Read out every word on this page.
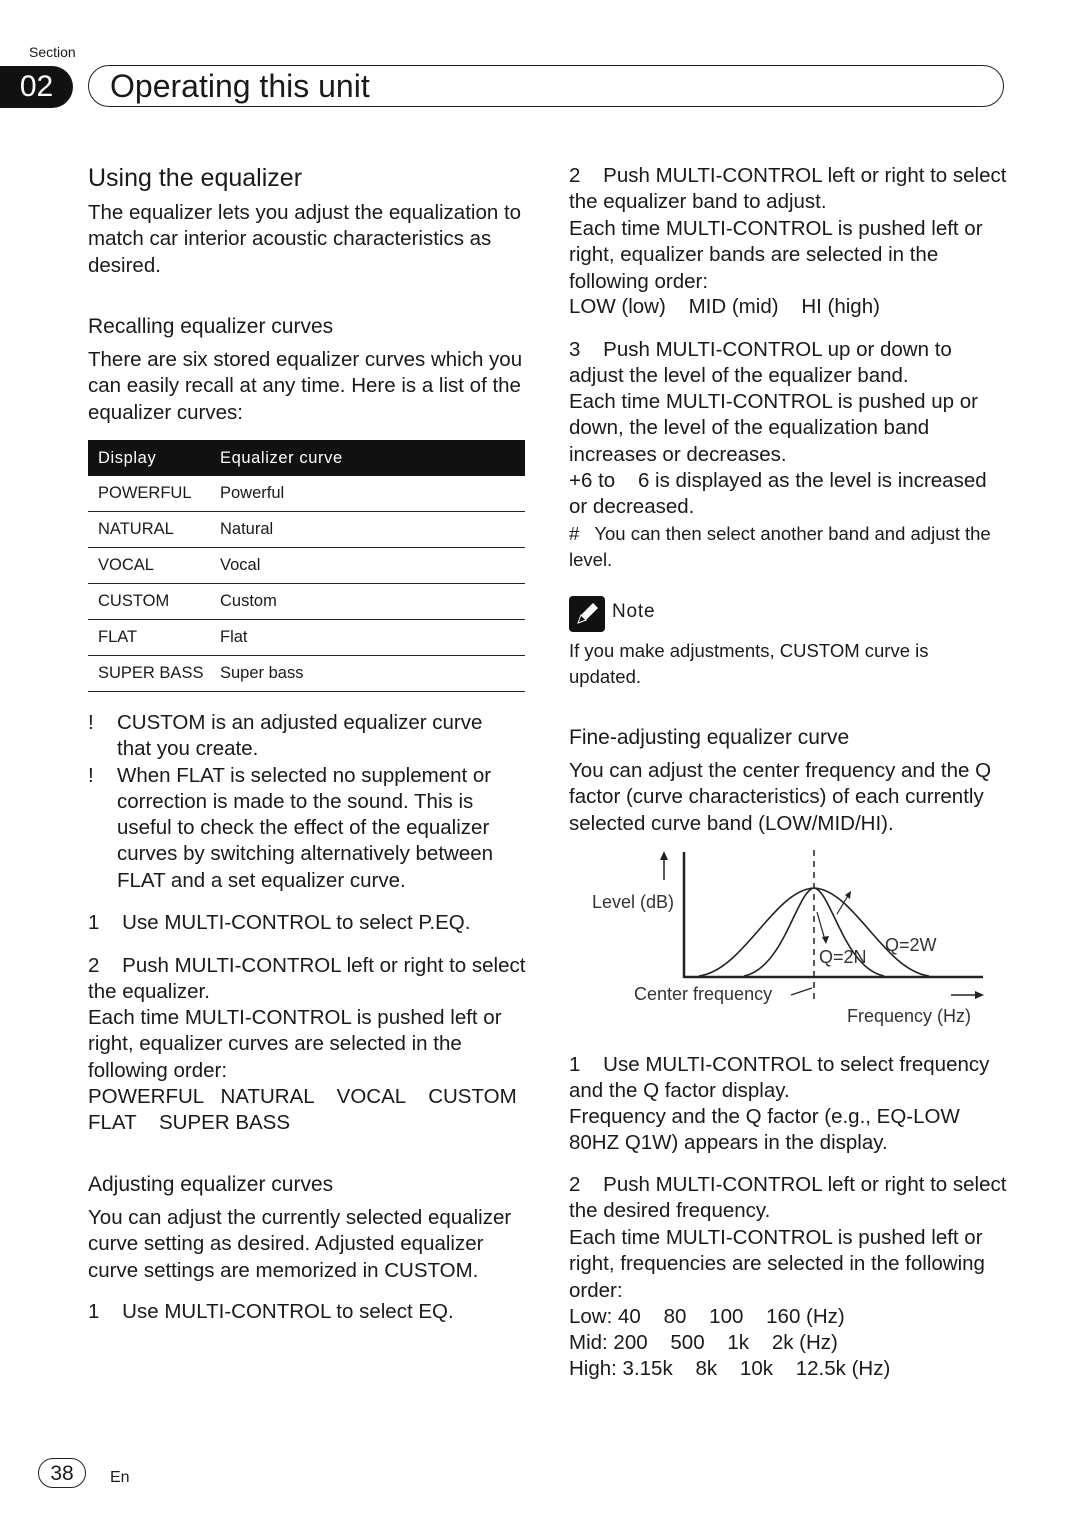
Section
02	Operating this unit
Using the equalizer
The equalizer lets you adjust the equalization to match car interior acoustic characteristics as desired.
Recalling equalizer curves
There are six stored equalizer curves which you can easily recall at any time. Here is a list of the equalizer curves:
Display	Equalizer curve
POWERFUL	Powerful
NATURAL	Natural
VOCAL	Vocal
CUSTOM	Custom
FLAT	Flat
SUPER BASS	Super bass
! CUSTOM is an adjusted equalizer curve that you create.
! When FLAT is selected no supplement or correction is made to the sound. This is useful to check the effect of the equalizer curves by switching alternatively between FLAT and a set equalizer curve.
1    Use MULTI-CONTROL to select P.EQ.
2    Push MULTI-CONTROL left or right to select the equalizer.
Each time MULTI-CONTROL is pushed left or right, equalizer curves are selected in the following order:
POWERFUL   NATURAL    VOCAL    CUSTOM    FLAT    SUPER BASS
Adjusting equalizer curves
You can adjust the currently selected equalizer curve setting as desired. Adjusted equalizer curve settings are memorized in CUSTOM.
1    Use MULTI-CONTROL to select EQ.
2    Push MULTI-CONTROL left or right to select the equalizer band to adjust.
Each time MULTI-CONTROL is pushed left or right, equalizer bands are selected in the following order:
LOW (low)    MID (mid)    HI (high)
3    Push MULTI-CONTROL up or down to adjust the level of the equalizer band.
Each time MULTI-CONTROL is pushed up or down, the level of the equalization band increases or decreases.
+6 to    6 is displayed as the level is increased or decreased.
#   You can then select another band and adjust the level.
Note
If you make adjustments, CUSTOM curve is updated.
Fine-adjusting equalizer curve
You can adjust the center frequency and the Q factor (curve characteristics) of each currently selected curve band (LOW/MID/HI).
Level (dB)
Q=2N
Q=2W
Center frequency
Frequency (Hz)
1    Use MULTI-CONTROL to select frequency and the Q factor display.
Frequency and the Q factor (e.g., EQ-LOW 80HZ Q1W) appears in the display.
2    Push MULTI-CONTROL left or right to select the desired frequency.
Each time MULTI-CONTROL is pushed left or right, frequencies are selected in the following order:
Low: 40    80    100    160 (Hz)
Mid: 200    500    1k    2k (Hz)
High: 3.15k    8k    10k    12.5k (Hz)
38	En
